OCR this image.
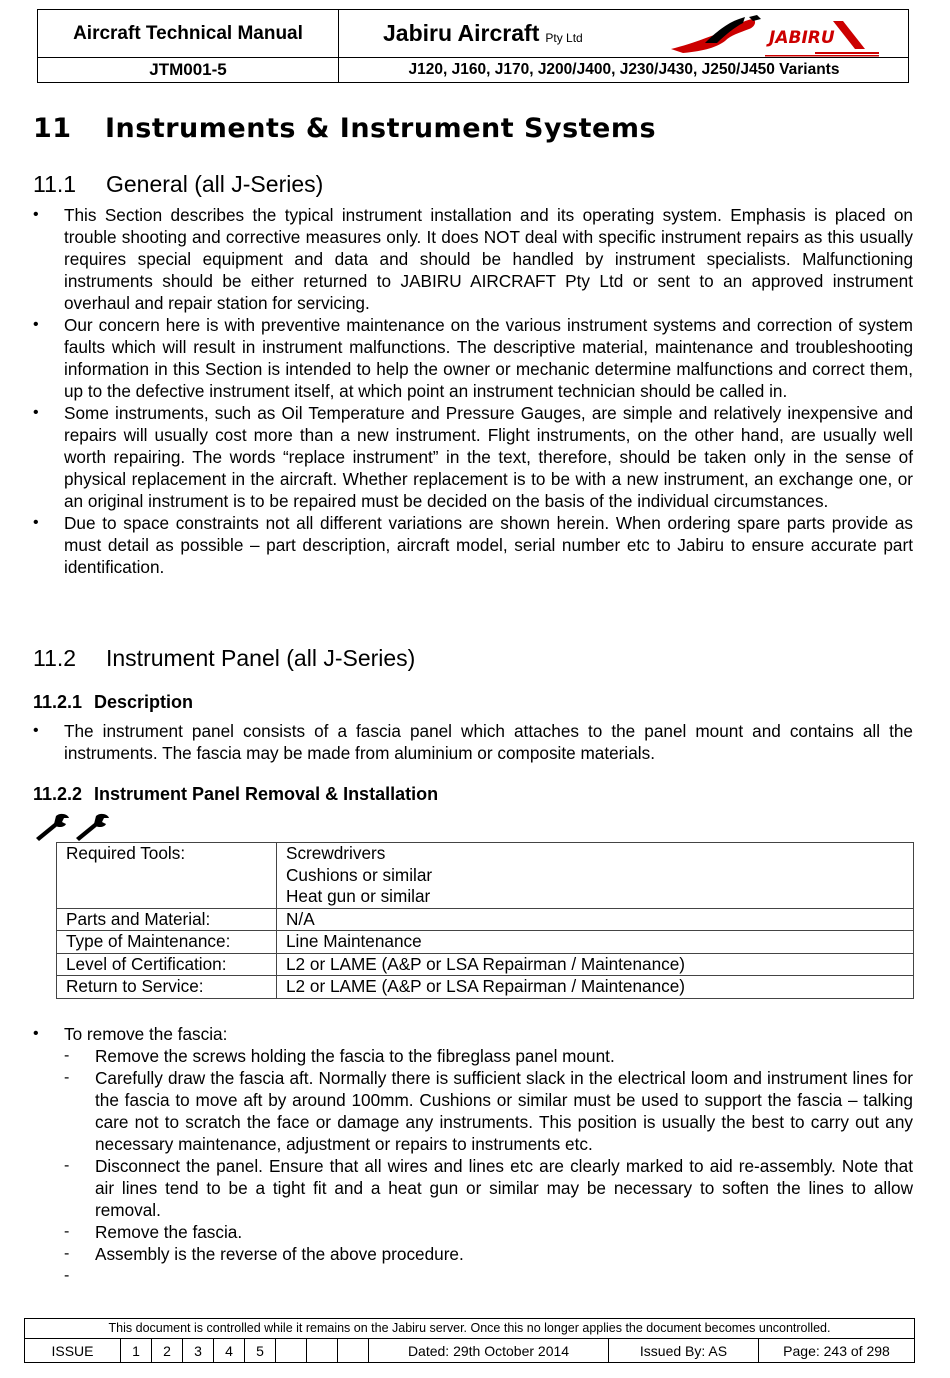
Aircraft Technical Manual	Jabiru Aircraft Pty Ltd	JABIRU
JTM001-5	J120, J160, J170, J200/J400, J230/J430, J250/J450 Variants
11 Instruments & Instrument Systems
11.1 General (all J-Series)
• This Section describes the typical instrument installation and its operating system. Emphasis is placed on trouble shooting and corrective measures only. It does NOT deal with specific instrument repairs as this usually requires special equipment and data and should be handled by instrument specialists. Malfunctioning instruments should be either returned to JABIRU AIRCRAFT Pty Ltd or sent to an approved instrument overhaul and repair station for servicing.
• Our concern here is with preventive maintenance on the various instrument systems and correction of system faults which will result in instrument malfunctions. The descriptive material, maintenance and troubleshooting information in this Section is intended to help the owner or mechanic determine malfunctions and correct them, up to the defective instrument itself, at which point an instrument technician should be called in.
• Some instruments, such as Oil Temperature and Pressure Gauges, are simple and relatively inexpensive and repairs will usually cost more than a new instrument. Flight instruments, on the other hand, are usually well worth repairing. The words “replace instrument” in the text, therefore, should be taken only in the sense of physical replacement in the aircraft. Whether replacement is to be with a new instrument, an exchange one, or an original instrument is to be repaired must be decided on the basis of the individual circumstances.
• Due to space constraints not all different variations are shown herein. When ordering spare parts provide as must detail as possible – part description, aircraft model, serial number etc to Jabiru to ensure accurate part identification.
11.2 Instrument Panel (all J-Series)
11.2.1 Description
• The instrument panel consists of a fascia panel which attaches to the panel mount and contains all the instruments. The fascia may be made from aluminium or composite materials.
11.2.2 Instrument Panel Removal & Installation
Required Tools:	Screwdrivers
Cushions or similar
Heat gun or similar

Parts and Material:	N/A
Type of Maintenance:	Line Maintenance
Level of Certification:	L2 or LAME (A&P or LSA Repairman / Maintenance)
Return to Service:	L2 or LAME (A&P or LSA Repairman / Maintenance)
• To remove the fascia:
- Remove the screws holding the fascia to the fibreglass panel mount.
- Carefully draw the fascia aft. Normally there is sufficient slack in the electrical loom and instrument lines for the fascia to move aft by around 100mm. Cushions or similar must be used to support the fascia – talking care not to scratch the face or damage any instruments. This position is usually the best to carry out any necessary maintenance, adjustment or repairs to instruments etc.
- Disconnect the panel. Ensure that all wires and lines etc are clearly marked to aid re-assembly. Note that air lines tend to be a tight fit and a heat gun or similar may be necessary to soften the lines to allow removal.
- Remove the fascia.
- Assembly is the reverse of the above procedure.
-
This document is controlled while it remains on the Jabiru server. Once this no longer applies the document becomes uncontrolled.
ISSUE	1	2	3	4	5				Dated: 29th October 2014	Issued By: AS	Page: 243 of 298
